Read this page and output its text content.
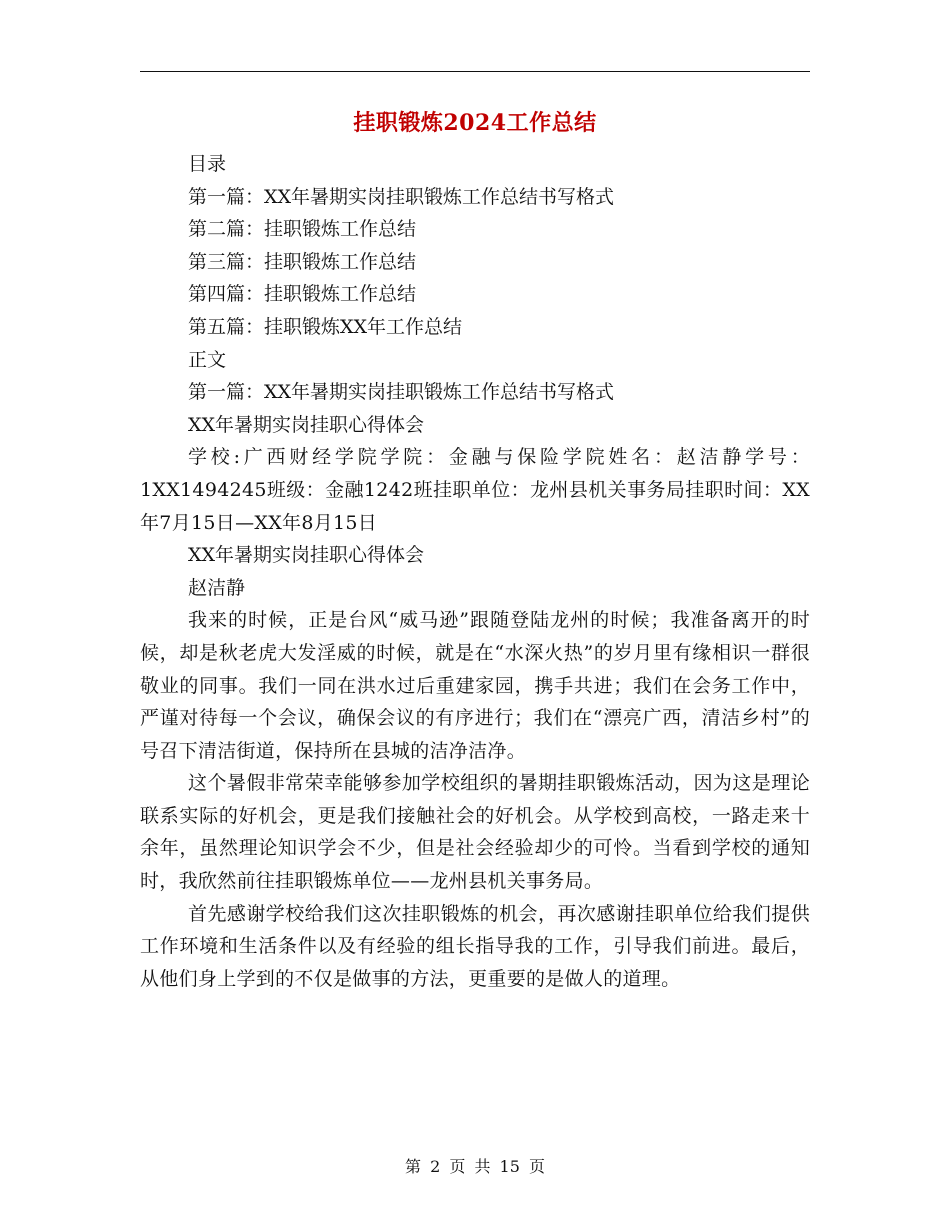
挂职锻炼2024工作总结
目录
第一篇：XX年暑期实岗挂职锻炼工作总结书写格式
第二篇：挂职锻炼工作总结
第三篇：挂职锻炼工作总结
第四篇：挂职锻炼工作总结
第五篇：挂职锻炼XX年工作总结
正文
第一篇：XX年暑期实岗挂职锻炼工作总结书写格式
XX年暑期实岗挂职心得体会
学校:广西财经学院学院：金融与保险学院姓名：赵洁静学号：1XX1494245班级：金融1242班挂职单位：龙州县机关事务局挂职时间：XX年7月15日—XX年8月15日
XX年暑期实岗挂职心得体会
赵洁静
我来的时候，正是台风“威马逊”跟随登陆龙州的时候；我准备离开的时候，却是秋老虎大发淫威的时候，就是在“水深火热”的岁月里有缘相识一群很敬业的同事。我们一同在洪水过后重建家园，携手共进；我们在会务工作中，严谨对待每一个会议，确保会议的有序进行；我们在“漂亮广西，清洁乡村”的号召下清洁街道，保持所在县城的洁净洁净。
这个暑假非常荣幸能够参加学校组织的暑期挂职锻炼活动，因为这是理论联系实际的好机会，更是我们接触社会的好机会。从学校到高校，一路走来十余年，虽然理论知识学会不少，但是社会经验却少的可怜。当看到学校的通知时，我欣然前往挂职锻炼单位——龙州县机关事务局。
首先感谢学校给我们这次挂职锻炼的机会，再次感谢挂职单位给我们提供工作环境和生活条件以及有经验的组长指导我的工作，引导我们前进。最后，从他们身上学到的不仅是做事的方法，更重要的是做人的道理。
第 2 页 共 15 页
